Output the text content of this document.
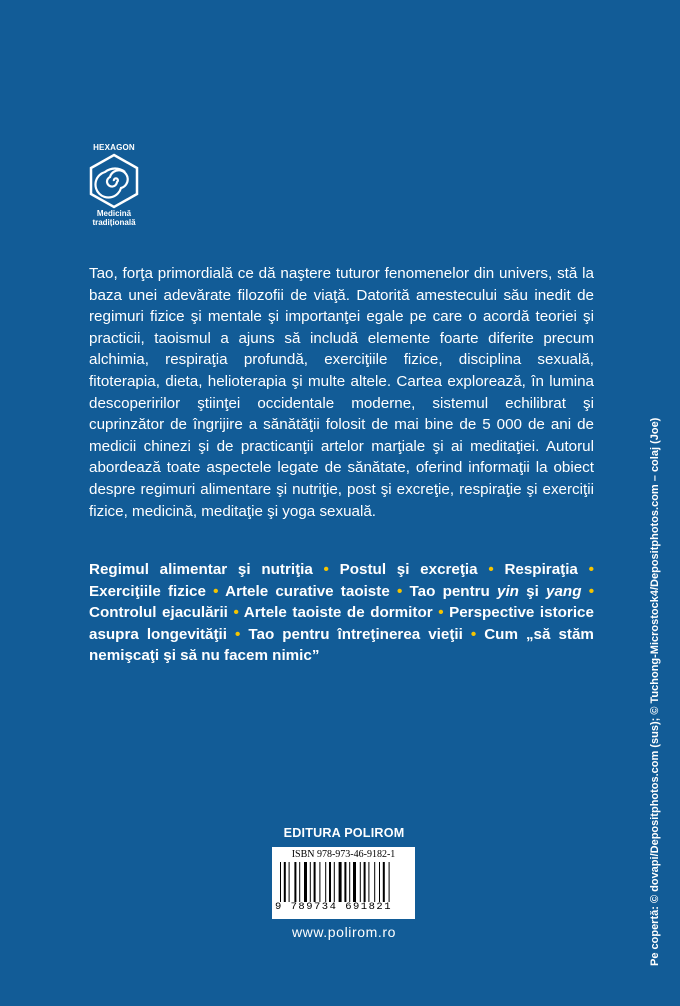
HEXAGON
Medicină
tradițională
Tao, forţa primordială ce dă naştere tuturor fenomenelor din univers, stă la baza unei adevărate filozofii de viaţă. Datorită amestecului său inedit de regimuri fizice şi mentale şi importanţei egale pe care o acordă teoriei şi practicii, taoismul a ajuns să includă elemente foarte diferite precum alchimia, respiraţia profundă, exerciţiile fizice, disciplina sexuală, fitoterapia, dieta, helioterapia şi multe altele. Cartea explorează, în lumina descoperirilor ştiinţei occidentale moderne, sistemul echilibrat şi cuprinzător de îngrijire a sănătăţii folosit de mai bine de 5 000 de ani de medicii chinezi şi de practicanţii artelor marţiale şi ai meditaţiei. Autorul abordează toate aspectele legate de sănătate, oferind informaţii la obiect despre regimuri alimentare şi nutriţie, post şi excreţie, respiraţie şi exerciţii fizice, medicină, meditaţie şi yoga sexuală.
Regimul alimentar şi nutriţia • Postul şi excreţia • Respiraţia • Exerciţiile fizice • Artele curative taoiste • Tao pentru yin şi yang • Controlul ejaculării • Artele taoiste de dormitor • Perspective istorice asupra longevităţii • Tao pentru întreţinerea vieţii • Cum „să stăm nemişcaţi şi să nu facem nimic”
EDITURA POLIROM
ISBN 978-973-46-9182-1
9 789734 691821
www.polirom.ro	Pe copertă: © dovapi/Depositphotos.com (sus); © Tuchong-Microstock4/Depositphotos.com – colaj (Joe)
